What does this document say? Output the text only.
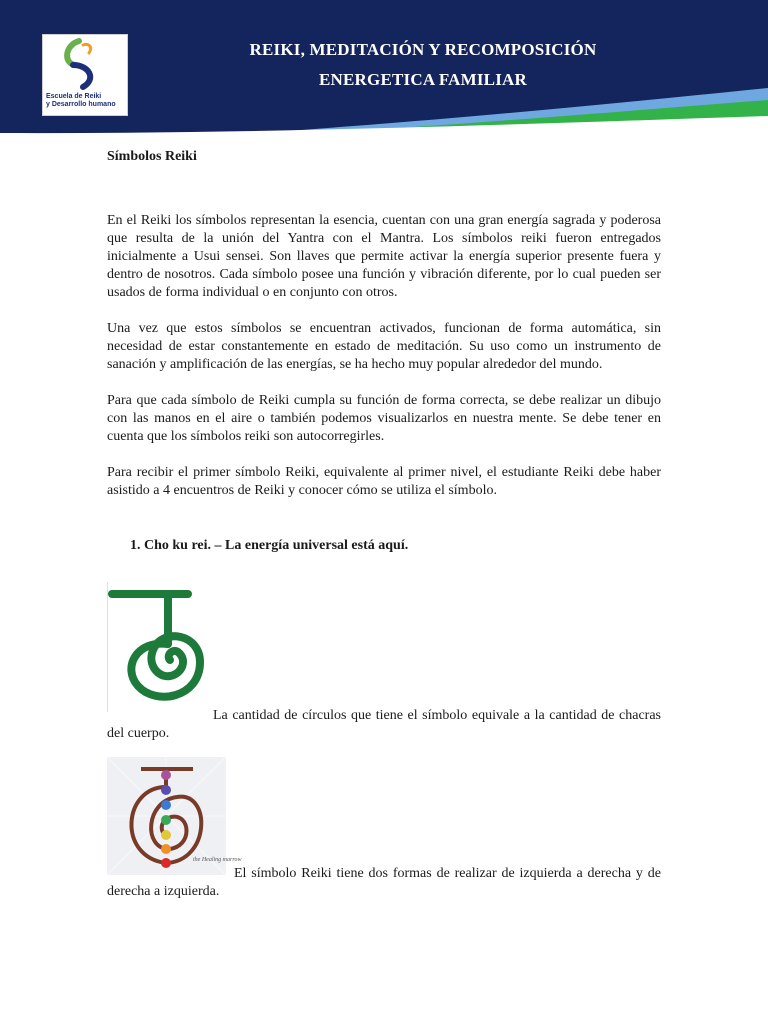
Escuela de Reiki
y Desarrollo humano
REIKI, MEDITACIÓN Y RECOMPOSICIÓN
ENERGETICA FAMILIAR

Símbolos Reiki

En el Reiki los símbolos representan la esencia, cuentan con una gran energía sagrada y poderosa que resulta de la unión del Yantra con el Mantra. Los símbolos reiki fueron entregados inicialmente a Usui sensei. Son llaves que permite activar la energía superior presente fuera y dentro de nosotros. Cada símbolo posee una función y vibración diferente, por lo cual pueden ser usados de forma individual o en conjunto con otros.

Una vez que estos símbolos se encuentran activados, funcionan de forma automática, sin necesidad de estar constantemente en estado de meditación. Su uso como un instrumento de sanación y amplificación de las energías, se ha hecho muy popular alrededor del mundo.

Para que cada símbolo de Reiki cumpla su función de forma correcta, se debe realizar un dibujo con las manos en el aire o también podemos visualizarlos en nuestra mente. Se debe tener en cuenta que los símbolos reiki son autocorregirles.

Para recibir el primer símbolo Reiki, equivalente al primer nivel, el estudiante Reiki debe haber asistido a 4 encuentros de Reiki y conocer cómo se utiliza el símbolo.

1. Cho ku rei. – La energía universal está aquí.
La cantidad de círculos que tiene el símbolo equivale a la cantidad de chacras del cuerpo.
the Healing marrow
El símbolo Reiki tiene dos formas de realizar de izquierda a derecha y de derecha a izquierda.
